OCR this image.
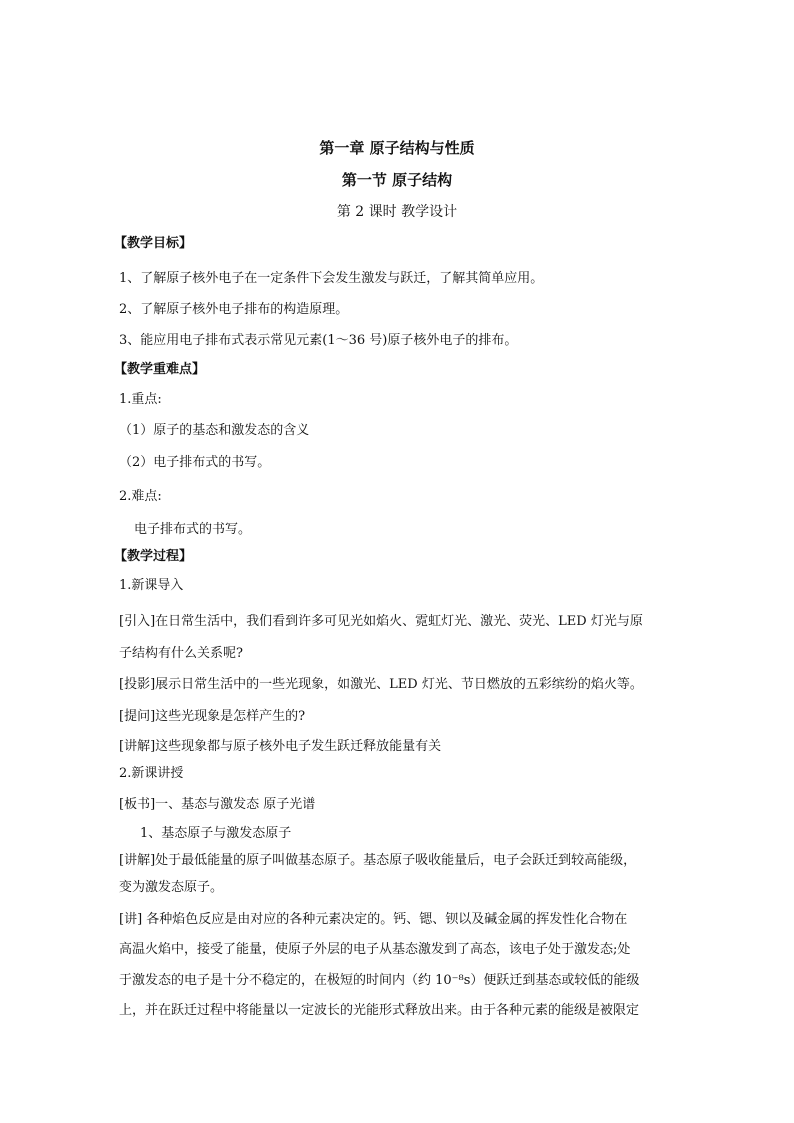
第一章 原子结构与性质
第一节 原子结构
第 2 课时 教学设计
【教学目标】
1、了解原子核外电子在一定条件下会发生激发与跃迁，了解其简单应用。
2、了解原子核外电子排布的构造原理。
3、能应用电子排布式表示常见元素(1～36 号)原子核外电子的排布。
【教学重难点】
1.重点:
（1）原子的基态和激发态的含义
（2）电子排布式的书写。
2.难点:
电子排布式的书写。
【教学过程】
1.新课导入
[引入]在日常生活中，我们看到许多可见光如焰火、霓虹灯光、激光、荧光、LED 灯光与原
子结构有什么关系呢?
[投影]展示日常生活中的一些光现象，如激光、LED 灯光、节日燃放的五彩缤纷的焰火等。
[提问]这些光现象是怎样产生的?
[讲解]这些现象都与原子核外电子发生跃迁释放能量有关
2.新课讲授
[板书]一、基态与激发态 原子光谱
1、基态原子与激发态原子
[讲解]处于最低能量的原子叫做基态原子。基态原子吸收能量后，电子会跃迁到较高能级，
变为激发态原子。
[讲] 各种焰色反应是由对应的各种元素决定的。钙、锶、钡以及碱金属的挥发性化合物在
高温火焰中，接受了能量，使原子外层的电子从基态激发到了高态，该电子处于激发态;处
于激发态的电子是十分不稳定的，在极短的时间内（约 10⁻⁸s）便跃迁到基态或较低的能级
上，并在跃迁过程中将能量以一定波长的光能形式释放出来。由于各种元素的能级是被限定
